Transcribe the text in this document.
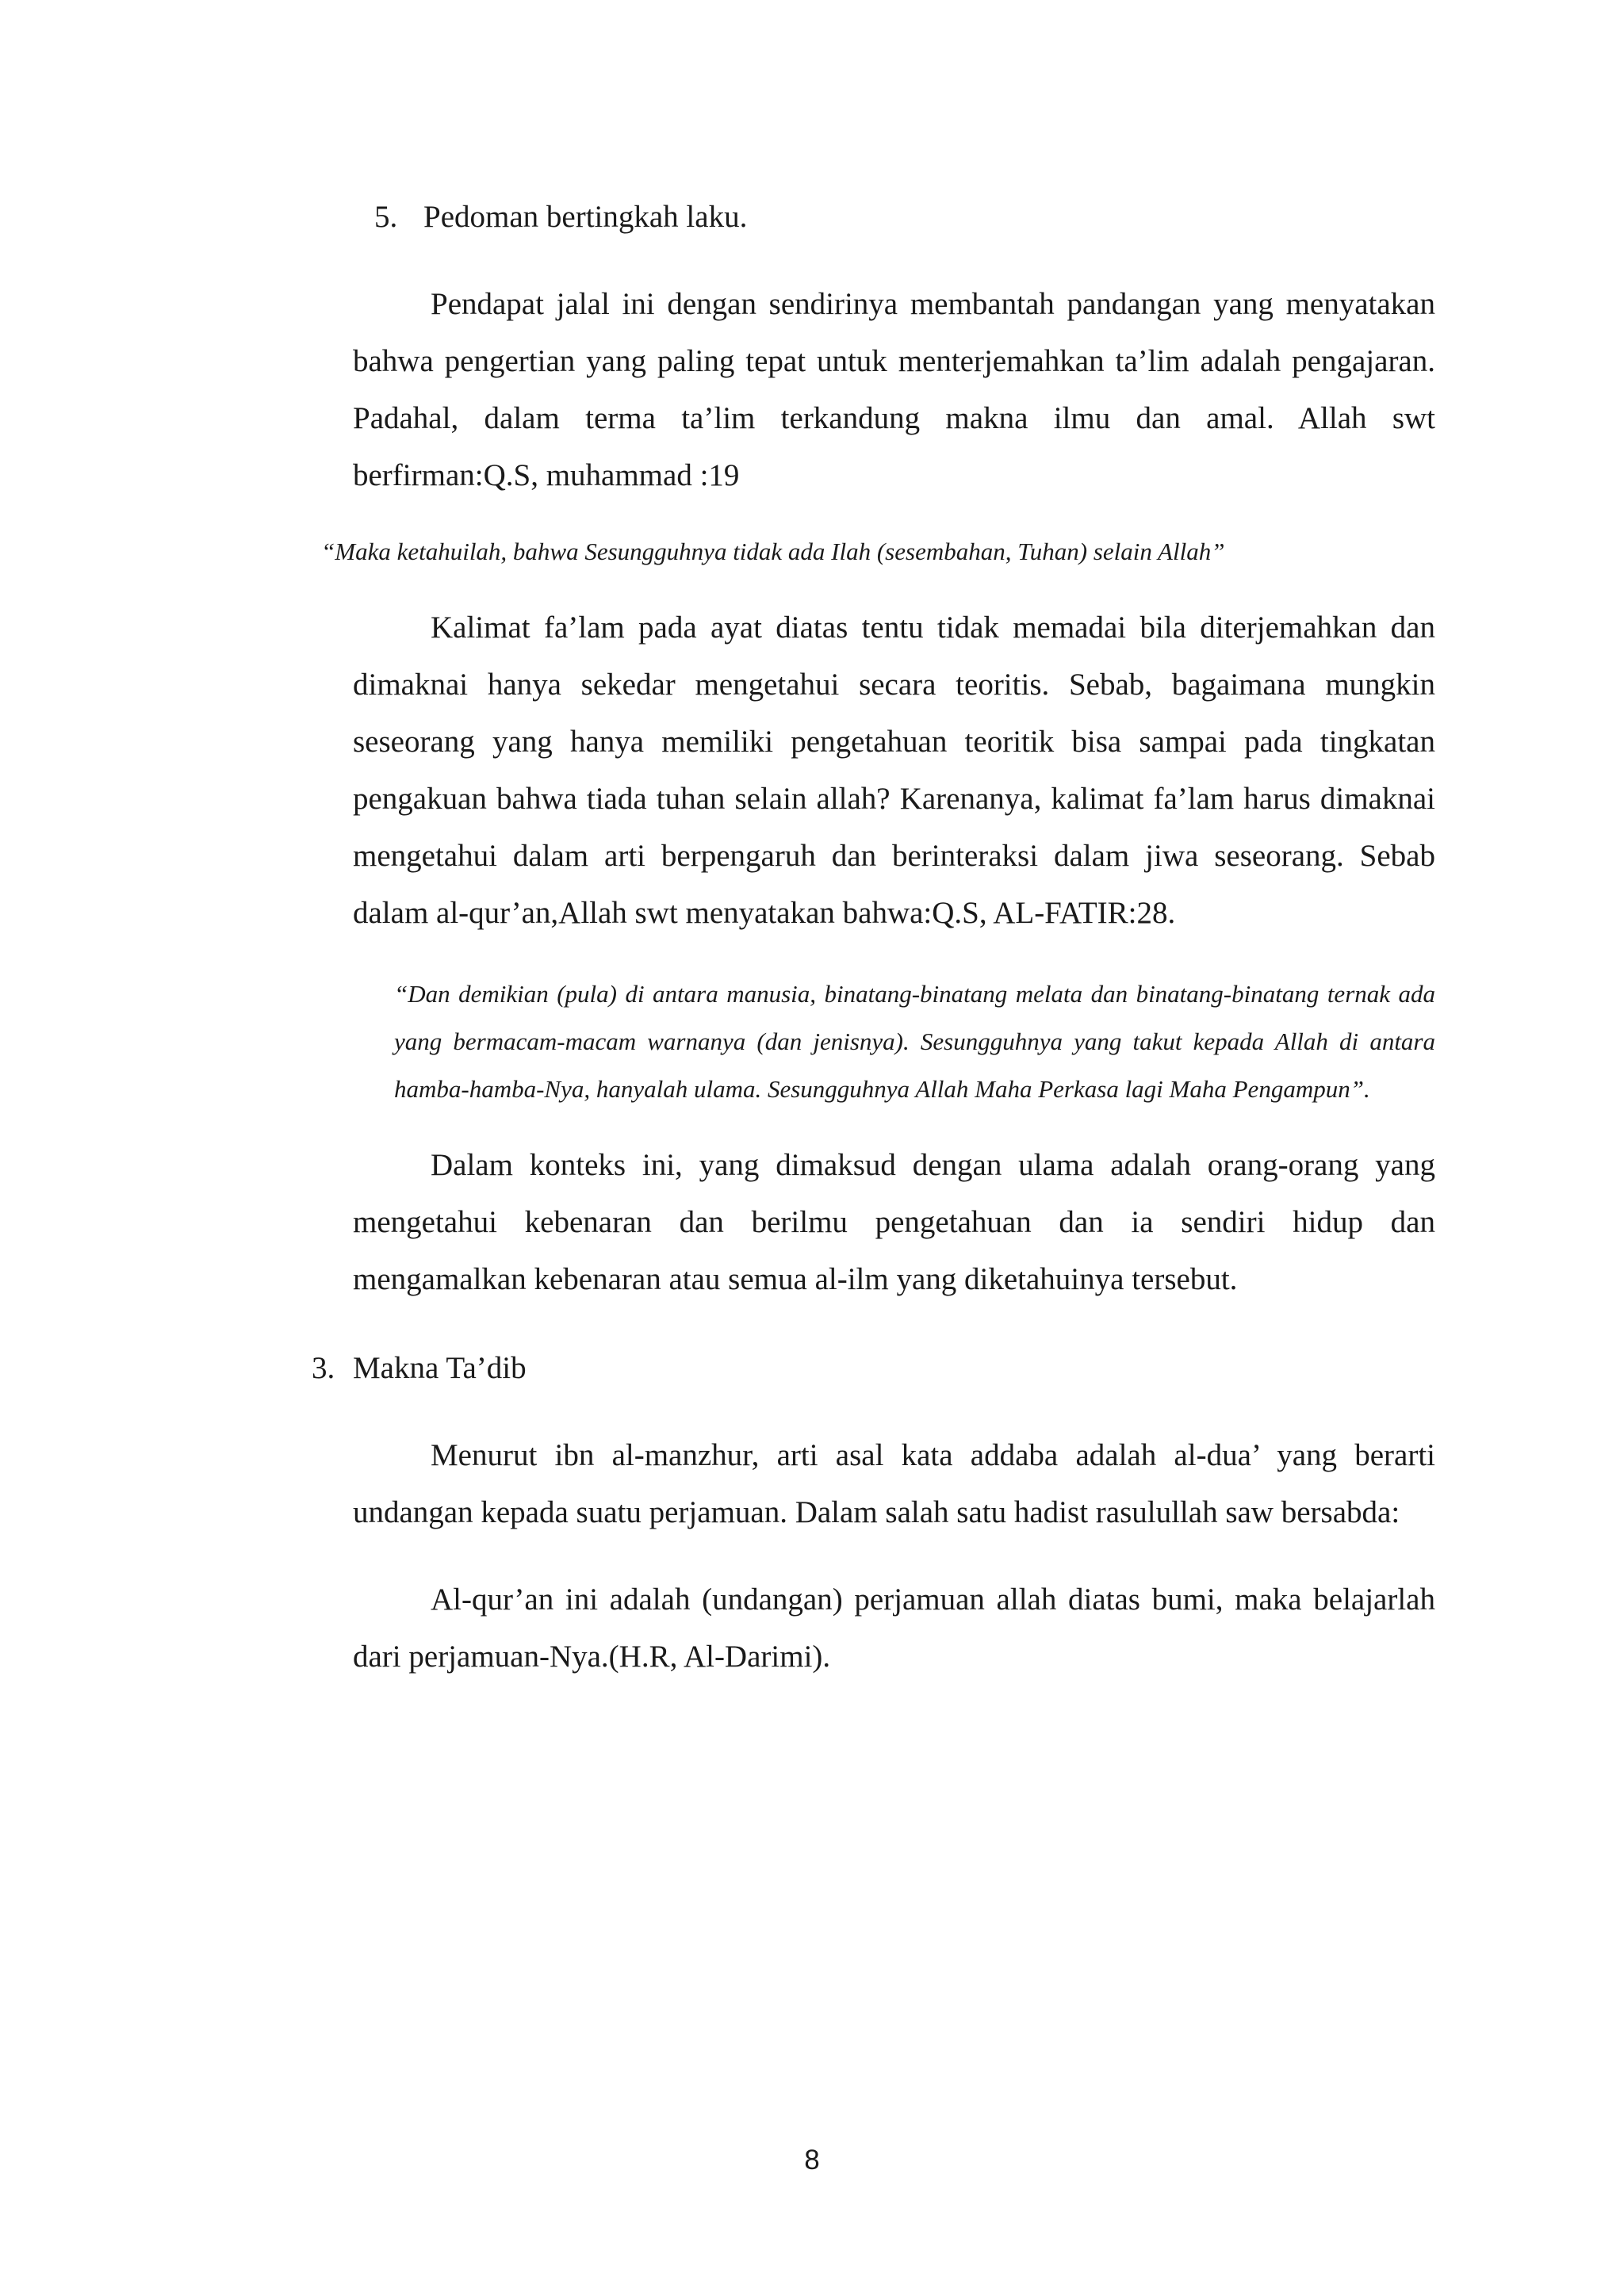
5. Pedoman bertingkah laku.

Pendapat jalal ini dengan sendirinya membantah pandangan yang menyatakan bahwa pengertian yang paling tepat untuk menterjemahkan ta’lim adalah pengajaran. Padahal, dalam terma ta’lim terkandung makna ilmu dan amal. Allah swt berfirman:Q.S, muhammad :19

“Maka ketahuilah, bahwa Sesungguhnya tidak ada Ilah (sesembahan, Tuhan) selain Allah”

Kalimat fa’lam pada ayat diatas tentu tidak memadai bila diterjemahkan dan dimaknai hanya sekedar mengetahui secara teoritis. Sebab, bagaimana mungkin seseorang yang hanya memiliki pengetahuan teoritik bisa sampai pada tingkatan pengakuan bahwa tiada tuhan selain allah? Karenanya, kalimat fa’lam harus dimaknai mengetahui dalam arti berpengaruh dan berinteraksi dalam jiwa seseorang. Sebab dalam al-qur’an,Allah swt menyatakan bahwa:Q.S, AL-FATIR:28.

“Dan demikian (pula) di antara manusia, binatang-binatang melata dan binatang-binatang ternak ada yang bermacam-macam warnanya (dan jenisnya). Sesungguhnya yang takut kepada Allah di antara hamba-hamba-Nya, hanyalah ulama. Sesungguhnya Allah Maha Perkasa lagi Maha Pengampun”.

Dalam konteks ini, yang dimaksud dengan ulama adalah orang-orang yang mengetahui kebenaran dan berilmu pengetahuan dan ia sendiri hidup dan mengamalkan kebenaran atau semua al-ilm yang diketahuinya tersebut.

3. Makna Ta’dib

Menurut ibn al-manzhur, arti asal kata addaba adalah al-dua’ yang berarti undangan kepada suatu perjamuan. Dalam salah satu hadist rasulullah saw bersabda:

Al-qur’an ini adalah (undangan) perjamuan allah diatas bumi, maka belajarlah dari perjamuan-Nya.(H.R, Al-Darimi).

8
